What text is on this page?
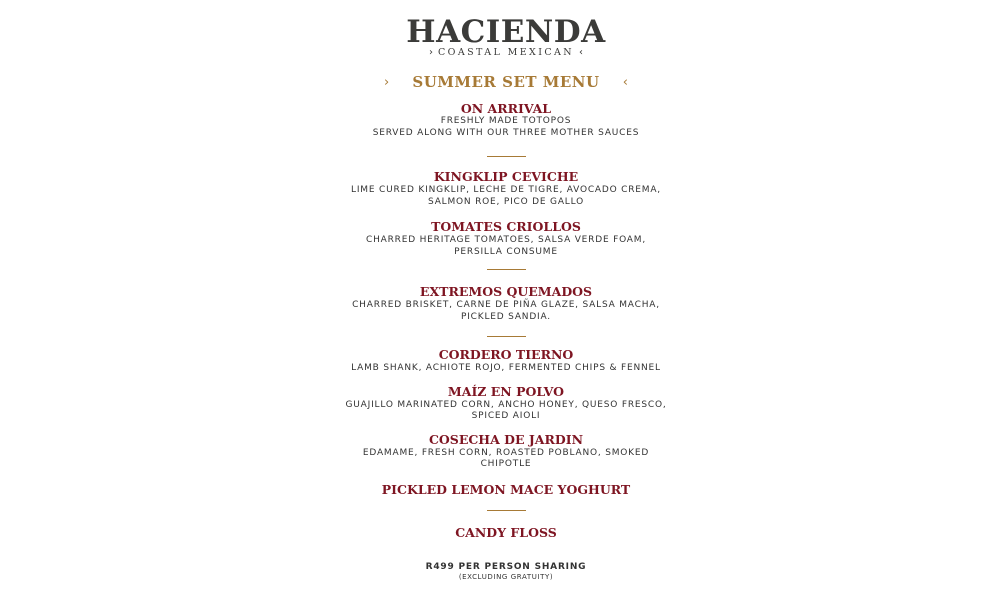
HACIENDA
› COASTAL MEXICAN ‹
›	SUMMER SET MENU	‹
ON ARRIVAL
FRESHLY MADE TOTOPOS
SERVED ALONG WITH OUR THREE MOTHER SAUCES
KINGKLIP CEVICHE
LIME CURED KINGKLIP, LECHE DE TIGRE, AVOCADO CREMA,
SALMON ROE, PICO DE GALLO
TOMATES CRIOLLOS
CHARRED HERITAGE TOMATOES, SALSA VERDE FOAM,
PERSILLA CONSUME
EXTREMOS QUEMADOS
CHARRED BRISKET, CARNE DE PIÑA GLAZE, SALSA MACHA,
PICKLED SANDIA.
CORDERO TIERNO
LAMB SHANK, ACHIOTE ROJO, FERMENTED CHIPS & FENNEL
MAÍZ EN POLVO
GUAJILLO MARINATED CORN, ANCHO HONEY, QUESO FRESCO,
SPICED AIOLI
COSECHA DE JARDIN
EDAMAME, FRESH CORN, ROASTED POBLANO, SMOKED
CHIPOTLE
PICKLED LEMON MACE YOGHURT
CANDY FLOSS
R499 PER PERSON SHARING
(EXCLUDING GRATUITY)
